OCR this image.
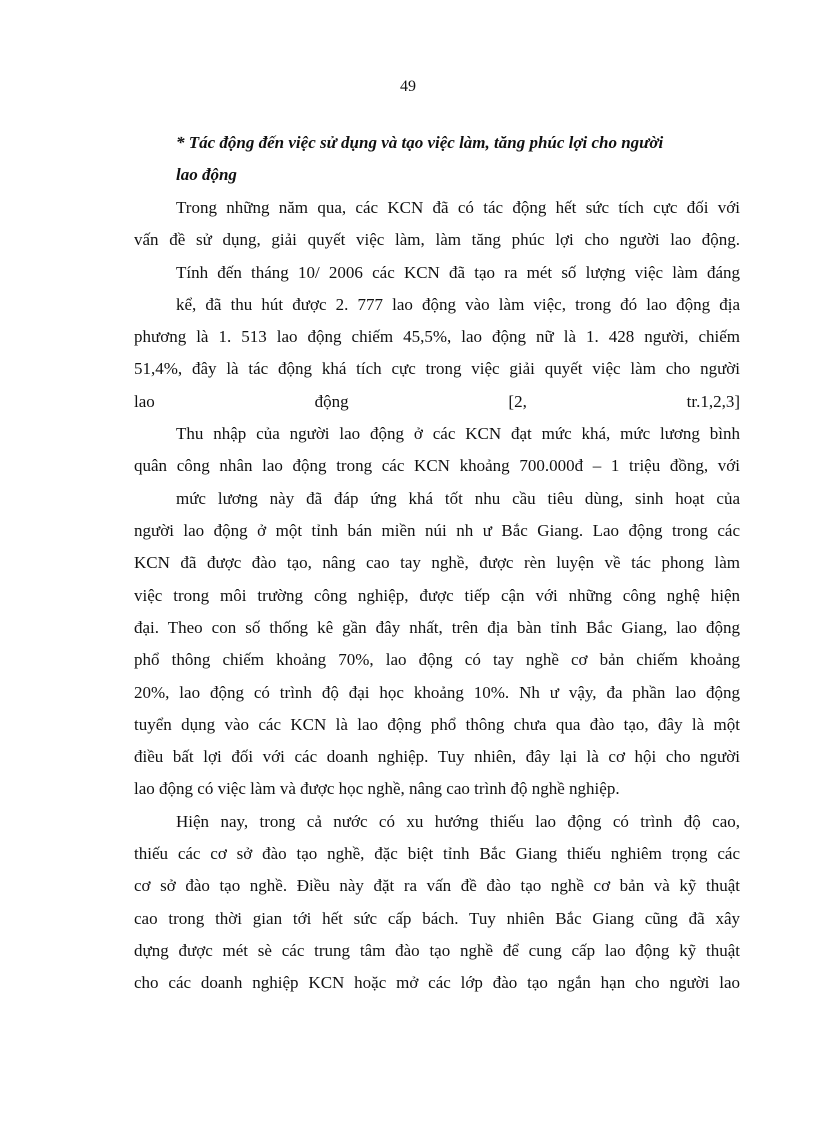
49
* Tác động đến việc sử dụng và tạo việc làm, tăng phúc lợi cho người
lao động
Trong những năm qua, các KCN đã có tác động hết sức tích cực đối với
vấn đề sử dụng, giải quyết việc làm, làm tăng phúc lợi cho người lao động.
Tính đến tháng 10/ 2006 các KCN đã tạo ra mét số lượng việc làm đáng
kể, đã thu hút được 2. 777 lao động vào làm việc, trong đó lao động địa
phương là 1. 513 lao động chiếm 45,5%, lao động nữ là 1. 428 người, chiếm
51,4%, đây là tác động khá tích cực trong việc giải quyết việc làm cho người
lao động [2, tr.1,2,3]
Thu nhập của người lao động ở các KCN đạt mức khá, mức lương bình
quân công nhân lao động trong các KCN khoảng 700.000đ – 1 triệu đồng, với
mức lương này đã đáp ứng khá tốt nhu cầu tiêu dùng, sinh hoạt của
người lao động ở một tỉnh bán miền núi nh ư Bắc Giang. Lao động trong các
KCN đã được đào tạo, nâng cao tay nghề, được rèn luyện về tác phong làm
việc trong môi trường công nghiệp, được tiếp cận với những công nghệ hiện
đại. Theo con số thống kê gần đây nhất, trên địa bàn tỉnh Bắc Giang, lao động
phổ thông chiếm khoảng 70%, lao động có tay nghề cơ bản chiếm khoảng
20%, lao động có trình độ đại học khoảng 10%. Nh ư vậy, đa phần lao động
tuyển dụng vào các KCN là lao động phổ thông chưa qua đào tạo, đây là một
điều bất lợi đối với các doanh nghiệp. Tuy nhiên, đây lại là cơ hội cho người
lao động có việc làm và được học nghề, nâng cao trình độ nghề nghiệp.
Hiện nay, trong cả nước có xu hướng thiếu lao động có trình độ cao,
thiếu các cơ sở đào tạo nghề, đặc biệt tỉnh Bắc Giang thiếu nghiêm trọng các
cơ sở đào tạo nghề. Điều này đặt ra vấn đề đào tạo nghề cơ bản và kỹ thuật
cao trong thời gian tới hết sức cấp bách. Tuy nhiên Bắc Giang cũng đã xây
dựng được mét sè các trung tâm đào tạo nghề để cung cấp lao động kỹ thuật
cho các doanh nghiệp KCN hoặc mở các lớp đào tạo ngắn hạn cho người lao
